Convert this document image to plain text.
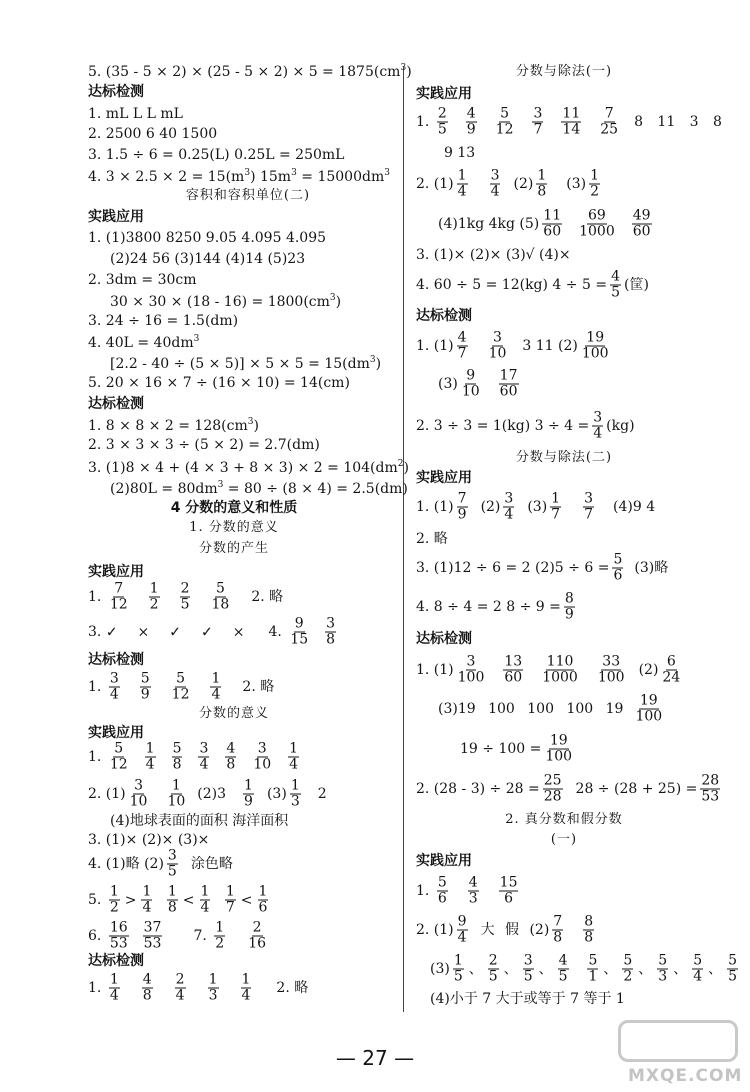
5. $(35 - 5 \times 2) \times (25 - 5 \times 2) \times 5 = 1875(cm^3)$
达标检测
1. mL L L mL
2. 2500 6 40 1500
3. 1.5 ÷ 6 = 0.25(L) 0.25L = 250mL
4. $3 \times 2.5 \times 2 = 15(m^3) 15m^3 = 15000dm^3$
容积和容积单位(二)
实践应用
1. (1)3800 8250 9.05 4.095 4.095
(2)24 56 (3)144 (4)14 (5)23
2. 3dm = 30cm
$30 \times 30 \times (18 - 16) = 1800(cm^3)$
3. 24 ÷ 16 = 1.5(dm)
4. $40L = 40dm^3$
$[2.2 - 40 \div (5 \times 5)] \times 5 \times 5 = 15(dm^3)$
5. 20 × 16 × 7 ÷ (16 × 10) = 14(cm)
达标检测
1. $8 \times 8 \times 2 = 128(cm^3)$
2. 3 × 3 × 3 ÷ (5 × 2) = 2.7(dm)
3. $(1)8 \times 4 + (4 \times 3 + 8 \times 3) \times 2 = 104(dm^2)$
$(2)80L = 80dm^3 = 80 \div (8 \times 4) = 2.5(dm)$
4 分数的意义和性质
1. 分数的意义
分数的产生
实践应用
1. $\frac{7}{12} \frac{1}{2} \frac{2}{5} \frac{5}{18} 2$. 略
3. ✓ × ✓ ✓ × 4. $\frac{9}{15} \frac{3}{8}$
达标检测
1. $\frac{3}{4} \frac{5}{9} \frac{5}{12} \frac{1}{4} 2$. 略
分数的意义
实践应用
1. $\frac{5}{12} \frac{1}{4} \frac{5}{8} \frac{3}{4} \frac{4}{8} \frac{3}{10} \frac{1}{4}$
2. $(1) \frac{3}{10} \frac{1}{10} (2)3 \frac{1}{9} (3) \frac{1}{3} 2$
(4)地球表面的面积 海洋面积
3. (1)× (2)× (3)×
4. (1)略 $(2) \frac{3}{5}$ 涂色略
5. $\frac{1}{2} > \frac{1}{4}$
$\frac{1}{8} < \frac{1}{4}$
$\frac{1}{7} < \frac{1}{6}$
6. $\frac{16}{53} \frac{37}{53} 7$. $\frac{1}{2} \frac{2}{16}$
达标检测
1. $\frac{1}{4} \frac{4}{8} \frac{2}{4} \frac{1}{3} \frac{1}{4} 2$. 略
分数与除法(一)
实践应用
1. $\frac{2}{5} \frac{4}{9} \frac{5}{12} \frac{3}{7} \frac{11}{14} \frac{7}{25} 8$ 11 3 8
9 13
2. $(1) \frac{1}{4} \frac{3}{4} (2) \frac{1}{8} (3) \frac{1}{2}$
(4)1kg 4kg $(5) \frac{11}{60} \frac{69}{1000} \frac{49}{60}$
3. (1)× (2)× (3)√ (4)×
4. 60 ÷ 5 = 12(kg) $4 \div 5 = \frac{4}{5}$ (筐)
达标检测
1. $(1) \frac{4}{7} \frac{3}{10} 3$ 11 $(2) \frac{19}{100}$
$(3) \frac{9}{10} \frac{17}{60}$
2. 3 ÷ 3 = 1(kg) $3 \div 4 = \frac{3}{4} (kg)$
分数与除法(二)
实践应用
1. $(1) \frac{7}{9} (2) \frac{3}{4} (3) \frac{1}{7} \frac{3}{7} (4)9$ 4
2. 略
3. (1)12 ÷ 6 = 2 $(2)5 \div 6 = \frac{5}{6} (3)$略
4. 8 ÷ 4 = 2 $8 \div 9 = \frac{8}{9}$
达标检测
1. $(1) \frac{3}{100} \frac{13}{60} \frac{110}{1000} \frac{33}{100} (2) \frac{6}{24}$
(3)19 100 100 100 $19 \frac{19}{100}$
$19 \div 100 = \frac{19}{100}$
2. $(28 - 3) \div 28 = \frac{25}{28} 28 \div (28 + 25) = \frac{28}{53}$
2. 真分数和假分数
(一)
实践应用
1. $\frac{5}{6} \frac{4}{3} \frac{15}{6}$
2. $(1) \frac{9}{4}$ 大 假 $(2) \frac{7}{8} \frac{8}{8}$
$(3) \frac{1}{5}$ 、 $\frac{2}{5}$ 、 $\frac{3}{5}$ 、 $\frac{4}{5}$
$\frac{5}{1}$ 、 $\frac{5}{2}$ 、 $\frac{5}{3}$ 、 $\frac{5}{4}$ 、 $\frac{5}{5}$
(4)小于 7 大于或等于 7 等于 1
— 27 —
MXQE.COM
